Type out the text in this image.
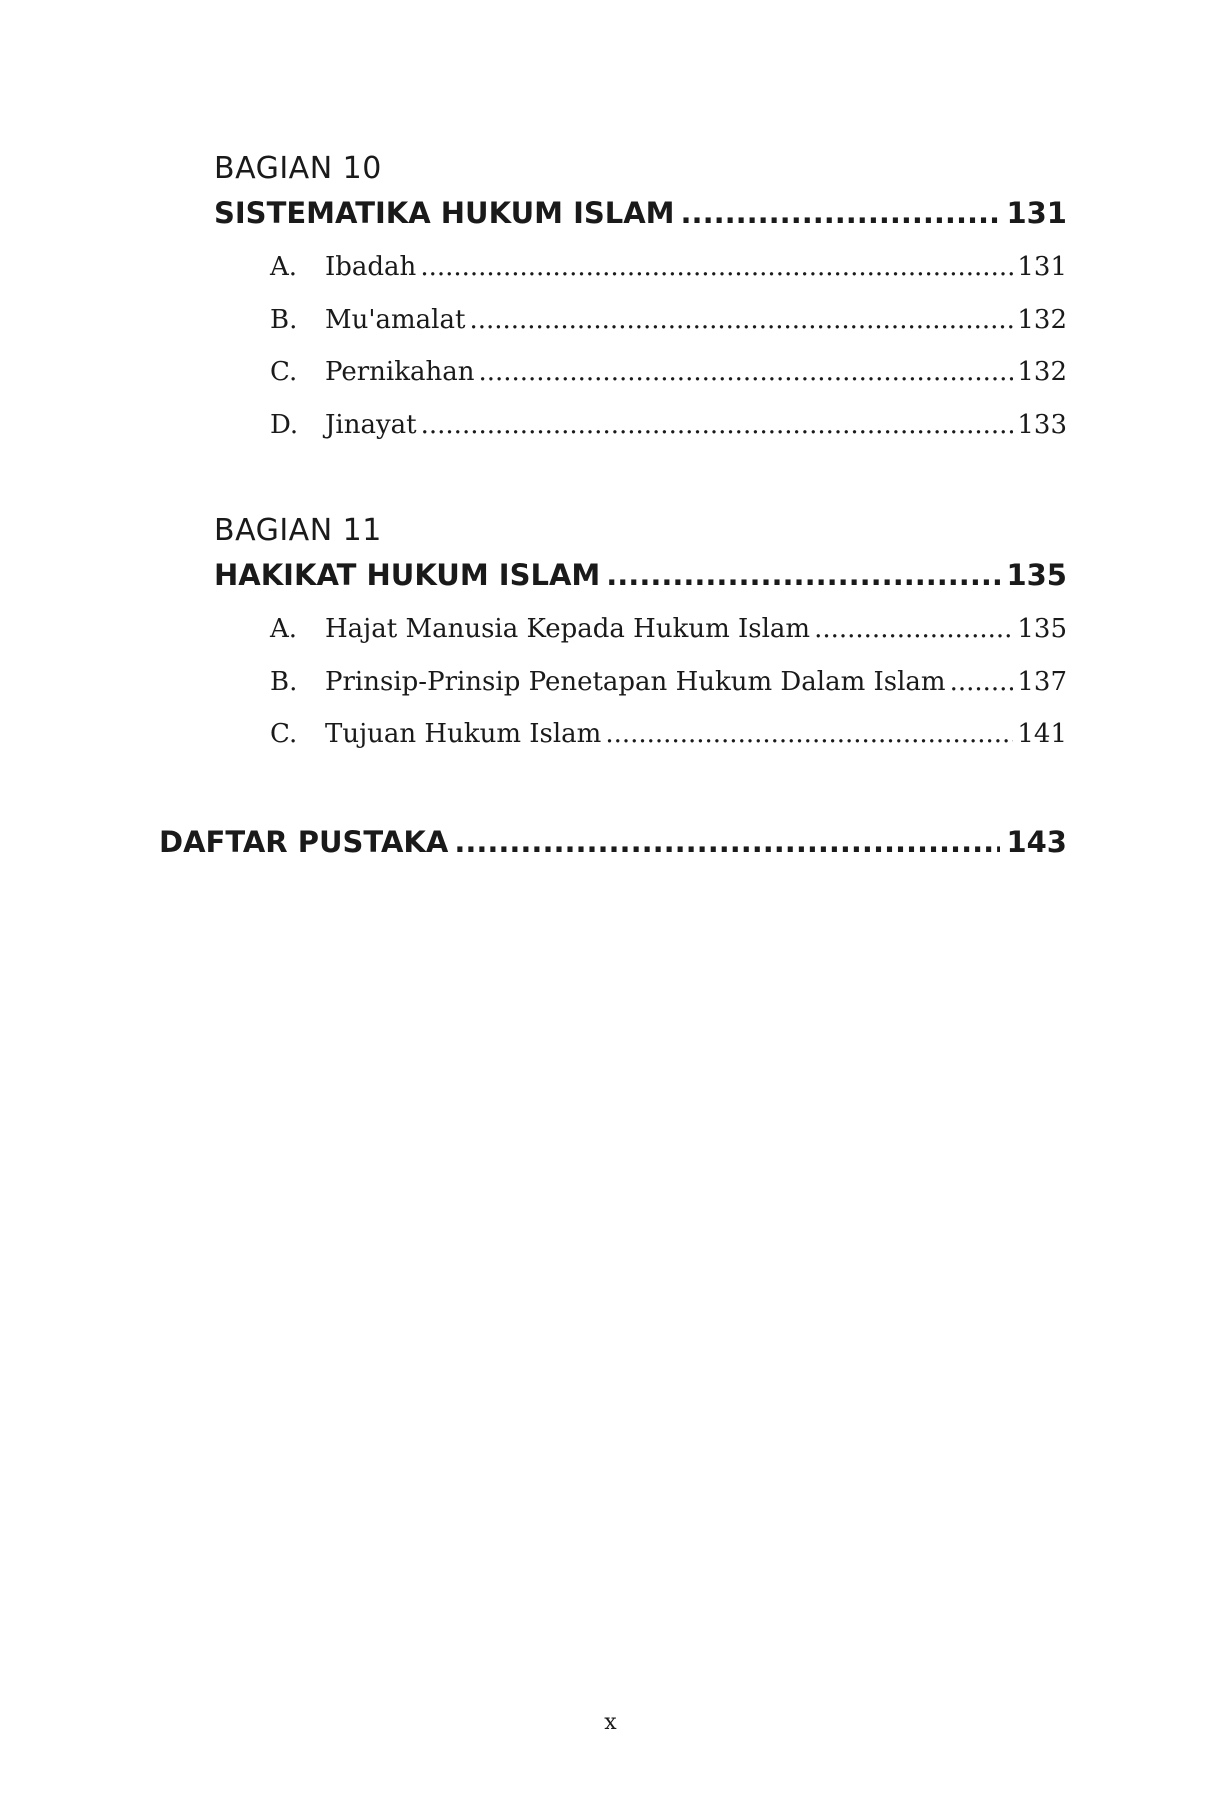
BAGIAN 10
SISTEMATIKA HUKUM ISLAM .....	131
A.	Ibadah .....	131
B.	Mu'amalat .....	132
C.	Pernikahan .....	132
D.	Jinayat .....	133
BAGIAN 11
HAKIKAT HUKUM ISLAM .....	135
A.	Hajat Manusia Kepada Hukum Islam .....	135
B.	Prinsip-Prinsip Penetapan Hukum Dalam Islam .....	137
C.	Tujuan Hukum Islam .....	141
DAFTAR PUSTAKA .....	143
x
